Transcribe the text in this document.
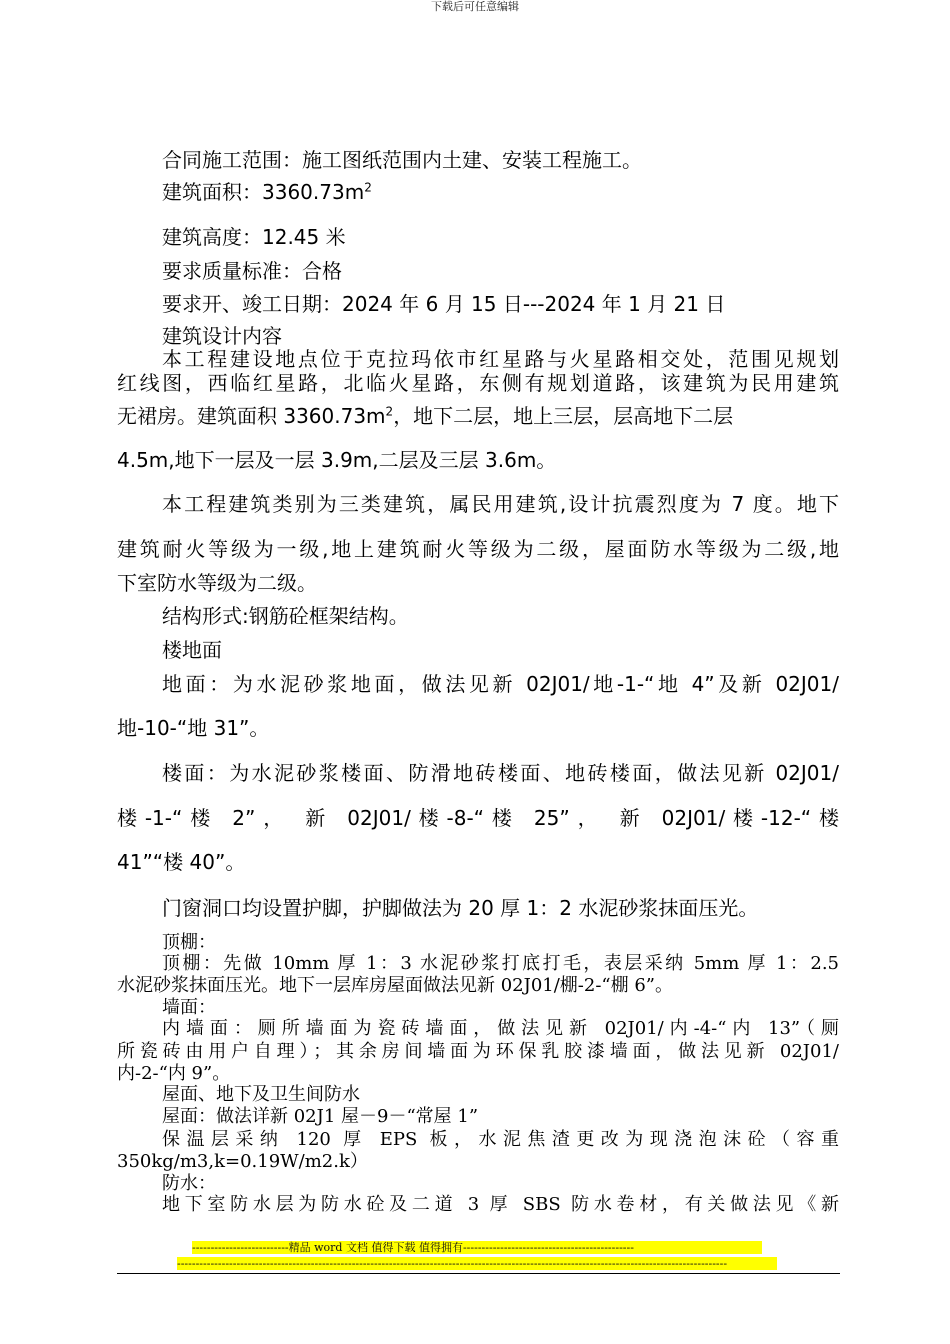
下载后可任意编辑
合同施工范围：施工图纸范围内土建、安装工程施工。
建筑面积：$3360.73m^2$
建筑高度：12.45 米
要求质量标准：合格
要求开、竣工日期：2024 年 6 月 15 日---2024 年 1 月 21 日
建筑设计内容
本工程建设地点位于克拉玛依市红星路与火星路相交处，范围见规划
红线图，西临红星路，北临火星路，东侧有规划道路，该建筑为民用建筑
无裙房。建筑面积 $3360.73m^2$，地下二层，地上三层，层高地下二层
4.5m,地下一层及一层 3.9m,二层及三层 3.6m。
本工程建筑类别为三类建筑，属民用建筑,设计抗震烈度为 7 度。地下
建筑耐火等级为一级,地上建筑耐火等级为二级，屋面防水等级为二级,地
下室防水等级为二级。
结构形式:钢筋砼框架结构。
楼地面
地面：为水泥砂浆地面，做法见新 02J01/地-1-“地 4”及新 02J01/
地-10-“地 31”。
楼面：为水泥砂浆楼面、防滑地砖楼面、地砖楼面，做法见新 02J01/
楼-1-“楼 2”， 新 02J01/楼-8-“楼 25”， 新 02J01/楼-12-“楼
41”“楼 40”。
门窗洞口均设置护脚，护脚做法为 20 厚 1：2 水泥砂浆抹面压光。
顶棚：
顶棚：先做 10mm 厚 1：3 水泥砂浆打底打毛，表层采纳 5mm 厚 1：2.5
水泥砂浆抹面压光。地下一层库房屋面做法见新 02J01/棚-2-“棚 6”。
墙面：
内墙面：厕所墙面为瓷砖墙面，做法见新 02J01/内-4-“内 13”（厕
所瓷砖由用户自理）；其余房间墙面为环保乳胶漆墙面，做法见新 02J01/
内-2-“内 9”。
屋面、地下及卫生间防水
屋面：做法详新 02J1 屋－9－“常屋 1”
保温层采纳 120 厚 EPS 板，水泥焦渣更改为现浇泡沫砼（容重
350kg/m3,k=0.19W/m2.k）
防水：
地下室防水层为防水砼及二道 3 厚 SBS 防水卷材，有关做法见《新
--------------------------精品 word 文档 值得下载 值得拥有----------------------------------------------
----------------------------------------------------------------------------------------------------------------------------------------------------
